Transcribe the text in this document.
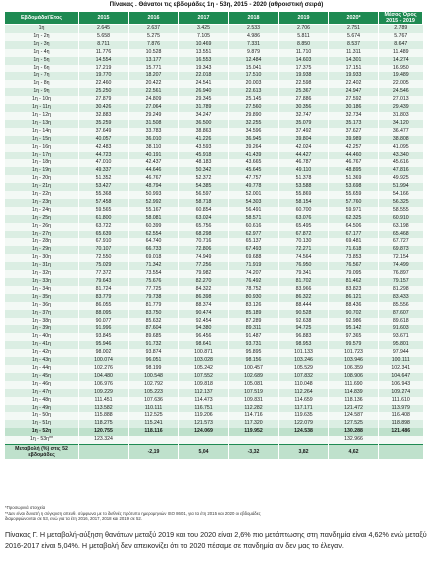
Πίνακας . Θάνατοι τις εβδομάδες 1η - 53η, 2015 - 2020 (αθροιστική σειρά)
Εβδομάδα\Έτος	2015	2016	2017	2018	2019	2020*	Μέσος Όρος 2015 - 2019
1η	2.645	2.637	3.425	2.533	2.706	2.751	2.789
1η - 2η	5.658	5.275	7.105	4.986	5.811	5.674	5.767
1η - 3η	8.711	7.876	10.469	7.331	8.850	8.537	8.647
1η - 4η	11.776	10.528	13.551	9.879	11.710	11.311	11.489
1η - 5η	14.554	13.177	16.553	12.484	14.603	14.301	14.274
1η - 6η	17.219	15.771	19.343	15.041	17.375	17.151	16.950
1η - 7η	19.770	18.207	22.018	17.510	19.938	19.933	19.489
1η - 8η	22.460	20.422	24.541	20.003	22.598	22.402	22.005
1η - 9η	25.250	22.561	26.940	22.613	25.367	24.947	24.546
1η - 10η	27.879	24.809	29.345	25.145	27.886	27.592	27.013
1η - 11η	30.426	27.064	31.789	27.560	30.356	30.186	29.439
1η - 12η	32.883	29.249	34.247	29.890	32.747	32.734	31.803
1η - 13η	35.259	31.508	36.500	32.255	35.079	35.173	34.120
1η - 14η	37.649	33.783	38.863	34.596	37.492	37.627	36.477
1η - 15η	40.057	36.010	41.226	36.945	39.804	39.989	38.808
1η - 16η	42.483	38.110	43.593	39.264	42.024	42.257	41.095
1η - 17η	44.723	40.191	45.918	41.439	44.427	44.460	43.340
1η - 18η	47.010	42.437	48.183	43.665	46.787	46.767	45.616
1η - 19η	49.337	44.646	50.342	45.645	49.110	48.895	47.816
1η - 20η	51.352	46.767	52.372	47.757	51.378	51.369	49.925
1η - 21η	53.427	48.794	54.385	49.778	53.588	53.698	51.994
1η - 22η	55.368	50.993	56.597	52.001	55.869	55.659	54.166
1η - 23η	57.458	52.992	58.718	54.303	58.154	57.760	56.325
1η - 24η	59.565	55.167	60.854	56.491	60.700	59.971	58.555
1η - 25η	61.800	58.081	63.024	58.571	63.076	62.325	60.910
1η - 26η	63.722	60.399	65.756	60.616	65.495	64.506	63.198
1η - 27η	65.639	62.554	68.298	62.977	67.872	67.177	65.468
1η - 28η	67.910	64.740	70.716	65.137	70.130	69.481	67.727
1η - 29η	70.107	66.733	72.806	67.493	72.271	71.618	69.873
1η - 30η	72.550	69.018	74.949	69.688	74.564	73.853	72.154
1η - 31η	75.029	71.342	77.256	71.919	76.950	76.567	74.499
1η - 32η	77.372	73.554	79.982	74.207	79.341	79.095	76.897
1η - 33η	79.643	75.676	82.270	76.492	81.702	81.462	79.157
1η - 34η	81.724	77.725	84.322	78.752	83.966	83.823	81.298
1η - 35η	83.779	79.738	86.398	80.930	86.322	86.121	83.433
1η - 36η	86.055	81.779	88.374	83.126	88.444	88.436	85.556
1η - 37η	88.095	83.750	90.474	85.189	90.528	90.702	87.607
1η - 38η	90.077	85.632	92.454	87.289	92.638	92.986	89.618
1η - 39η	91.996	87.604	94.380	89.311	94.725	95.142	91.603
1η - 40η	93.845	89.685	96.456	91.487	96.883	97.365	93.671
1η - 41η	95.946	91.732	98.641	93.731	98.953	99.579	95.801
1η - 42η	98.002	93.874	100.871	95.895	101.133	101.723	97.944
1η - 43η	100.074	96.051	103.028	98.156	103.246	103.946	100.111
1η - 44η	102.276	98.199	105.242	100.457	105.529	106.359	102.341
1η - 45η	104.480	100.548	107.552	102.689	107.832	108.906	104.647
1η - 46η	106.976	102.792	109.818	105.081	110.048	111.690	106.943
1η - 47η	109.229	105.223	112.137	107.519	112.264	114.839	109.274
1η - 48η	111.451	107.636	114.473	109.831	114.659	118.136	111.610
1η - 49η	113.582	110.111	116.751	112.282	117.171	121.472	113.979
1η - 50η	115.888	112.525	119.206	114.716	119.635	124.587	116.408
1η - 51η	118.275	115.241	121.573	117.320	122.079	127.525	118.898
1η - 52η	120.755	118.116	124.069	119.952	124.538	130.288	121.486
1η - 53η**	123.324					132.966	
Μεταβολή (%) στις 52 εβδομάδες		-2,19	5,04	-3,32	3,82	4,62	
*Προσωρινά στοιχεία
**Δεν είναι δυνατή η σύγκριση απευθ. σύμφωνα με το διεθνές πρότυπο ημερομηνιών ISO 8601, για τα έτη 2015 και 2020 οι εβδομάδες
διαμορφώνονται σε 53, ενώ για τα έτη 2016, 2017, 2018 και 2019 σε 52.
Πίνακας Γ. Η μεταβολή-αύξηση θανάτων μεταξύ 2019 και του 2020 είναι 2,6% πιο μετάπτωσης στη πανδημία είναι 4,62% ενώ μεταξύ 2016-2017 είναι 5,04%. Η μεταβολή δεν απεικονίζει ότι το 2020 πέσαμε σε πανδημία αν δεν μας το έλεγαν.
